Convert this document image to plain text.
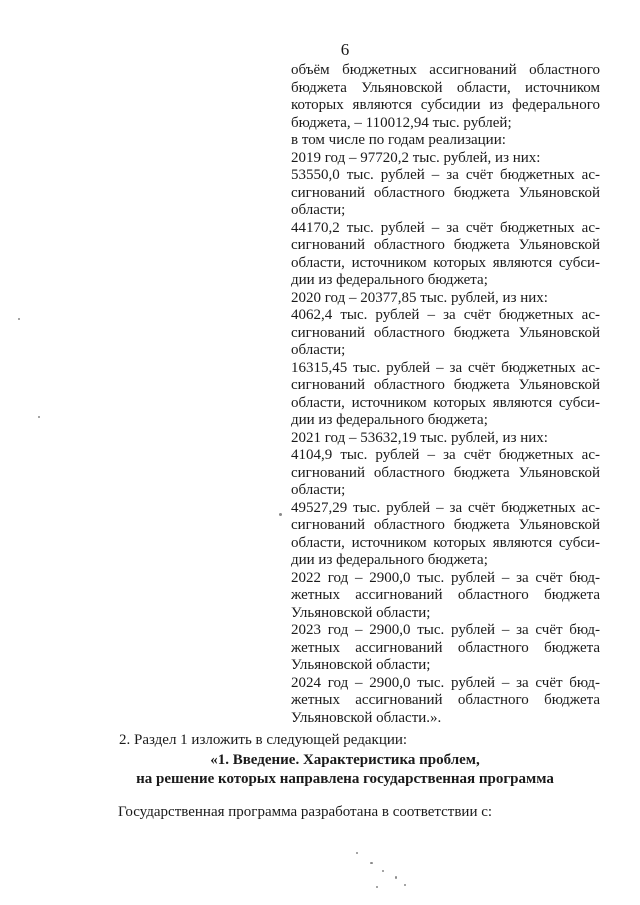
6
объём бюджетных ассигнований областного
бюджета Ульяновской области, источником
которых являются субсидии из федерального
бюджета, – 110012,94 тыс. рублей;
в том числе по годам реализации:
2019 год – 97720,2 тыс. рублей, из них:
53550,0 тыс. рублей – за счёт бюджетных ас-
сигнований областного бюджета Ульяновской
области;
44170,2 тыс. рублей – за счёт бюджетных ас-
сигнований областного бюджета Ульяновской
области, источником которых являются субси-
дии из федерального бюджета;
2020 год – 20377,85 тыс. рублей, из них:
4062,4 тыс. рублей – за счёт бюджетных ас-
сигнований областного бюджета Ульяновской
области;
16315,45 тыс. рублей – за счёт бюджетных ас-
сигнований областного бюджета Ульяновской
области, источником которых являются субси-
дии из федерального бюджета;
2021 год – 53632,19 тыс. рублей, из них:
4104,9 тыс. рублей – за счёт бюджетных ас-
сигнований областного бюджета Ульяновской
области;
49527,29 тыс. рублей – за счёт бюджетных ас-
сигнований областного бюджета Ульяновской
области, источником которых являются субси-
дии из федерального бюджета;
2022 год – 2900,0 тыс. рублей – за счёт бюд-
жетных ассигнований областного бюджета
Ульяновской области;
2023 год – 2900,0 тыс. рублей – за счёт бюд-
жетных ассигнований областного бюджета
Ульяновской области;
2024 год – 2900,0 тыс. рублей – за счёт бюд-
жетных ассигнований областного бюджета
Ульяновской области.».
2. Раздел 1 изложить в следующей редакции:
«1. Введение. Характеристика проблем,
на решение которых направлена государственная программа
Государственная программа разработана в соответствии с:
